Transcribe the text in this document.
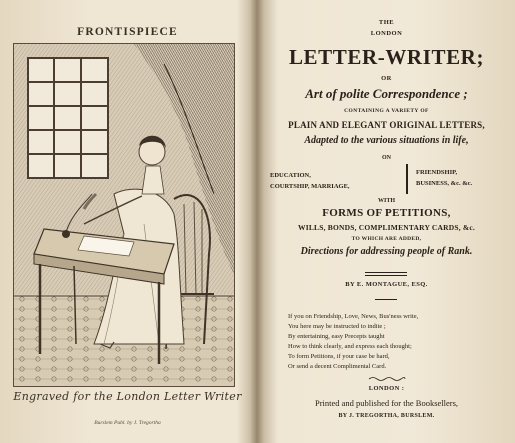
FRONTISPIECE
Engraved for the London Letter Writer
Burslem Publ. by J. Tregortha
THE
LONDON
LETTER-WRITER;
OR
Art of polite Correspondence ;
CONTAINING A VARIETY OF
PLAIN AND ELEGANT ORIGINAL LETTERS,
Adapted to the various situations in life,
ON
EDUCATION,
COURTSHIP, MARRIAGE,
FRIENDSHIP,
BUSINESS, &c. &c.
WITH
FORMS OF PETITIONS,
WILLS, BONDS, COMPLIMENTARY CARDS, &c.
TO WHICH ARE ADDED,
Directions for addressing people of Rank.
BY E. MONTAGUE, ESQ.
If you on Friendship, Love, News, Bus'ness write,
You here may be instructed to indite ;
By entertaining, easy Precepts taught
How to think clearly, and express each thought;
To form Petitions, if your case be hard,
Or send a decent Complimental Card.
LONDON :
Printed and published for the Booksellers,
BY J. TREGORTHA, BURSLEM.
